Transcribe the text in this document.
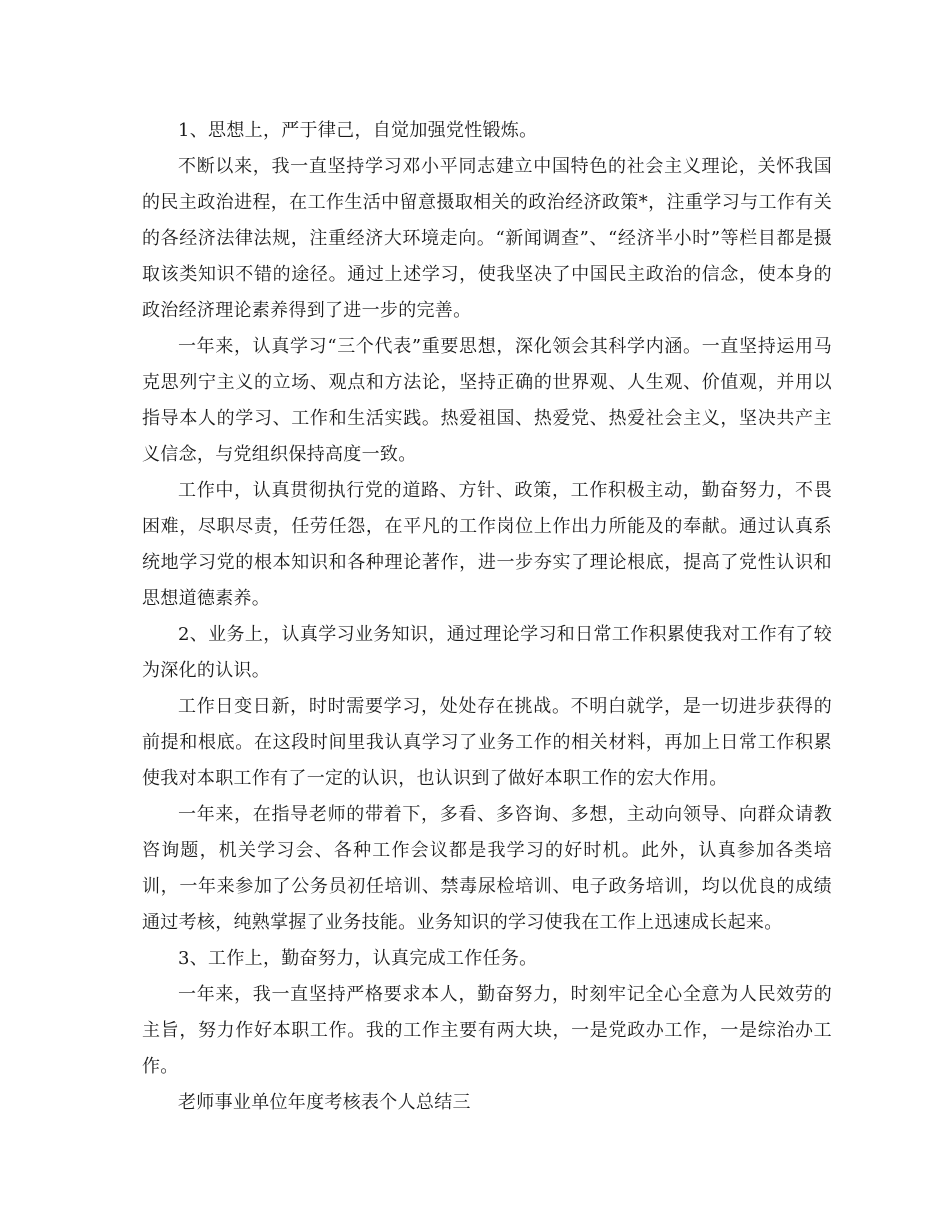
1、思想上，严于律己，自觉加强党性锻炼。

不断以来，我一直坚持学习邓小平同志建立中国特色的社会主义理论，关怀我国的民主政治进程，在工作生活中留意摄取相关的政治经济政策*，注重学习与工作有关的各经济法律法规，注重经济大环境走向。“新闻调查”、“经济半小时”等栏目都是摄取该类知识不错的途径。通过上述学习，使我坚决了中国民主政治的信念，使本身的政治经济理论素养得到了进一步的完善。

一年来，认真学习“三个代表”重要思想，深化领会其科学内涵。一直坚持运用马克思列宁主义的立场、观点和方法论，坚持正确的世界观、人生观、价值观，并用以指导本人的学习、工作和生活实践。热爱祖国、热爱党、热爱社会主义，坚决共产主义信念，与党组织保持高度一致。

工作中，认真贯彻执行党的道路、方针、政策，工作积极主动，勤奋努力，不畏困难，尽职尽责，任劳任怨，在平凡的工作岗位上作出力所能及的奉献。通过认真系统地学习党的根本知识和各种理论著作，进一步夯实了理论根底，提高了党性认识和思想道德素养。

2、业务上，认真学习业务知识，通过理论学习和日常工作积累使我对工作有了较为深化的认识。

工作日变日新，时时需要学习，处处存在挑战。不明白就学，是一切进步获得的前提和根底。在这段时间里我认真学习了业务工作的相关材料，再加上日常工作积累使我对本职工作有了一定的认识，也认识到了做好本职工作的宏大作用。

一年来，在指导老师的带着下，多看、多咨询、多想，主动向领导、向群众请教咨询题，机关学习会、各种工作会议都是我学习的好时机。此外，认真参加各类培训，一年来参加了公务员初任培训、禁毒尿检培训、电子政务培训，均以优良的成绩通过考核，纯熟掌握了业务技能。业务知识的学习使我在工作上迅速成长起来。

3、工作上，勤奋努力，认真完成工作任务。

一年来，我一直坚持严格要求本人，勤奋努力，时刻牢记全心全意为人民效劳的主旨，努力作好本职工作。我的工作主要有两大块，一是党政办工作，一是综治办工作。

老师事业单位年度考核表个人总结三
